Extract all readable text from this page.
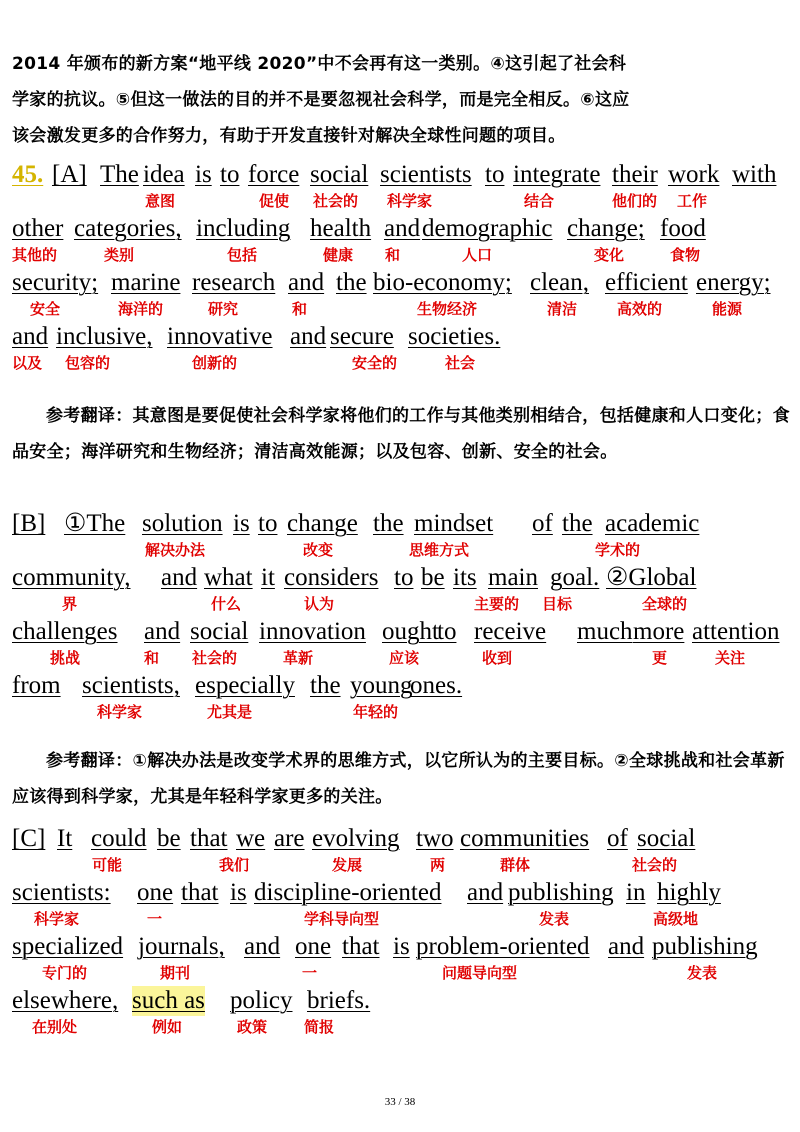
2014 年颁布的新方案“地平线 2020”中不会再有这一类别。④这引起了社会科
学家的抗议。⑤但这一做法的目的并不是要忽视社会科学，而是完全相反。⑥这应
该会激发更多的合作努力，有助于开发直接针对解决全球性问题的项目。

45. [A] The idea
意图
is to force
促使
social
社会的
scientists
科学家
to integrate
结合
their
他们的
work
工作
with
other
其他的
categories,
类别
including
包括
health
健康
and
和
demographic
人口
change;
变化
food
食物
security;
安全
marine
海洋的
research
研究
and
和
the bio-economy;
生物经济
clean,
清洁
efficient
高效的
energy;
能源
and
以及
inclusive,
包容的
innovative
创新的
and secure
安全的
societies.
社会

参考翻译：其意图是要促使社会科学家将他们的工作与其他类别相结合，包括健康和人口变化；食品安全；海洋研究和生物经济；清洁高效能源；以及包容、创新、安全的社会。

[B] ①The solution
解决办法
is to change
改变
the mindset
思维方式
of the academic
学术的
community,
界
and what
什么
it considers
认为
to be its main
主要的
goal.
目标
②Global
全球的
challenges
挑战
and
和
social
社会的
innovation
革新
ought
应该
to receive
收到
much more
更
attention
关注
from scientists,
科学家
especially
尤其是
the young
年轻的
ones.

参考翻译：①解决办法是改变学术界的思维方式，以它所认为的主要目标。②全球挑战和社会革新应该得到科学家，尤其是年轻科学家更多的关注。

[C] It could
可能
be that we
我们
are evolving
发展
two
两
communities
群体
of social
社会的
scientists:
科学家
one
一
that is discipline-oriented
学科导向型
and publishing
发表
in highly
高级地
specialized
专门的
journals,
期刊
and one
一
that is problem-oriented
问题导向型
and publishing
发表
elsewhere,
在别处
such as
例如
policy
政策
briefs.
简报
33 / 38
